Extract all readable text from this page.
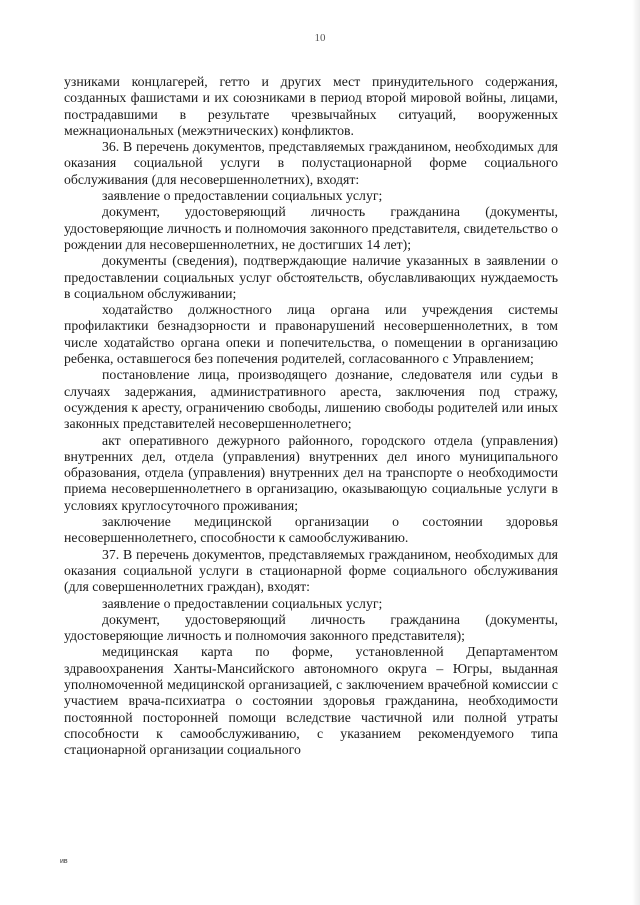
10

узниками концлагерей, гетто и других мест принудительного содержания, созданных фашистами и их союзниками в период второй мировой войны, лицами, пострадавшими в результате чрезвычайных ситуаций, вооруженных межнациональных (межэтнических) конфликтов.

36. В перечень документов, представляемых гражданином, необходимых для оказания социальной услуги в полустационарной форме социального обслуживания (для несовершеннолетних), входят:

заявление о предоставлении социальных услуг;

документ, удостоверяющий личность гражданина (документы, удостоверяющие личность и полномочия законного представителя, свидетельство о рождении для несовершеннолетних, не достигших 14 лет);

документы (сведения), подтверждающие наличие указанных в заявлении о предоставлении социальных услуг обстоятельств, обуславливающих нуждаемость в социальном обслуживании;

ходатайство должностного лица органа или учреждения системы профилактики безнадзорности и правонарушений несовершеннолетних, в том числе ходатайство органа опеки и попечительства, о помещении в организацию ребенка, оставшегося без попечения родителей, согласованного с Управлением;

постановление лица, производящего дознание, следователя или судьи в случаях задержания, административного ареста, заключения под стражу, осуждения к аресту, ограничению свободы, лишению свободы родителей или иных законных представителей несовершеннолетнего;

акт оперативного дежурного районного, городского отдела (управления) внутренних дел, отдела (управления) внутренних дел иного муниципального образования, отдела (управления) внутренних дел на транспорте о необходимости приема несовершеннолетнего в организацию, оказывающую социальные услуги в условиях круглосуточного проживания;

заключение медицинской организации о состоянии здоровья несовершеннолетнего, способности к самообслуживанию.

37. В перечень документов, представляемых гражданином, необходимых для оказания социальной услуги в стационарной форме социального обслуживания (для совершеннолетних граждан), входят:

заявление о предоставлении социальных услуг;

документ, удостоверяющий личность гражданина (документы, удостоверяющие личность и полномочия законного представителя);

медицинская карта по форме, установленной Департаментом здравоохранения Ханты-Мансийского автономного округа – Югры, выданная уполномоченной медицинской организацией, с заключением врачебной комиссии с участием врача-психиатра о состоянии здоровья гражданина, необходимости постоянной посторонней помощи вследствие частичной или полной утраты способности к самообслуживанию, с указанием рекомендуемого типа стационарной организации социального

ив
